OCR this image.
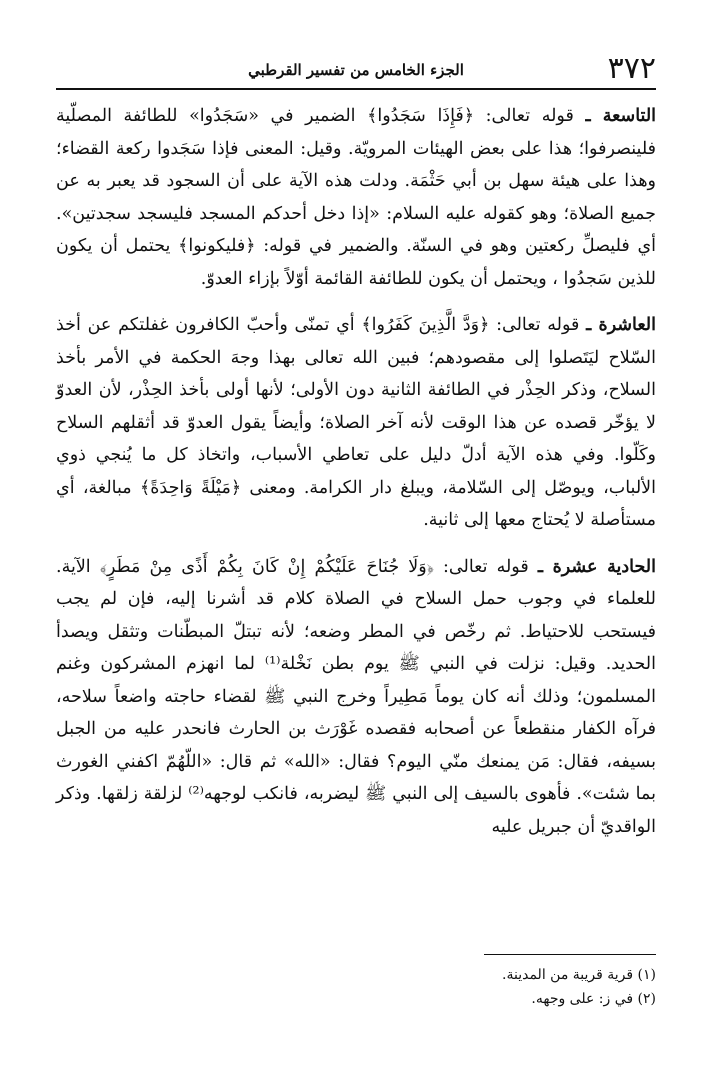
٣٧٢
الجزء الخامس من تفسير القرطبي

التاسعة ـ قوله تعالى: ﴿فَإِذَا سَجَدُوا﴾ الضمير في «سَجَدُوا» للطائفة المصلّية فلينصرفوا؛ هذا على بعض الهيئات المرويّة. وقيل: المعنى فإذا سَجَدوا ركعة القضاء؛ وهذا على هيئة سهل بن أبي حَثْمَة. ودلت هذه الآية على أن السجود قد يعبر به عن جميع الصلاة؛ وهو كقوله عليه السلام: «إذا دخل أحدكم المسجد فليسجد سجدتين». أي فليصلِّ ركعتين وهو في السنّة. والضمير في قوله: ﴿فليكونوا﴾ يحتمل أن يكون للذين سَجدُوا ، ويحتمل أن يكون للطائفة القائمة أوّلاً بإزاء العدوّ.

العاشرة ـ قوله تعالى: ﴿وَدَّ الَّذِينَ كَفَرُوا﴾ أي تمنّى وأحبّ الكافرون غفلتكم عن أخذ السّلاح ليَتَصلوا إلى مقصودهم؛ فبين الله تعالى بهذا وجهَ الحكمة في الأمر بأخذ السلاح، وذكر الحِذْر في الطائفة الثانية دون الأولى؛ لأنها أولى بأخذ الحِذْر، لأن العدوّ لا يؤخّر قصده عن هذا الوقت لأنه آخر الصلاة؛ وأيضاً يقول العدوّ قد أثقلهم السلاح وكَلّوا. وفي هذه الآية أدلّ دليل على تعاطي الأسباب، واتخاذ كل ما يُنجي ذوي الألباب، ويوصّل إلى السّلامة، ويبلغ دار الكرامة. ومعنى ﴿مَيْلَةً وَاحِدَةً﴾ مبالغة، أي مستأصلة لا يُحتاج معها إلى ثانية.

الحادية عشرة ـ قوله تعالى: ﴿وَلَا جُنَاحَ عَلَيْكُمْ إِنْ كَانَ بِكُمْ أَذًى مِنْ مَطَرٍ﴾ الآية. للعلماء في وجوب حمل السلاح في الصلاة كلام قد أشرنا إليه، فإن لم يجب فيستحب للاحتياط. ثم رخّص في المطر وضعه؛ لأنه تبتلّ المبطّنات وتثقل ويصدأ الحديد. وقيل: نزلت في النبي ﷺ يوم بطن نَخْلة⁽¹⁾ لما انهزم المشركون وغنم المسلمون؛ وذلك أنه كان يوماً مَطِيراً وخرج النبي ﷺ لقضاء حاجته واضعاً سلاحه، فرآه الكفار منقطعاً عن أصحابه فقصده غَوْرَث بن الحارث فانحدر عليه من الجبل بسيفه، فقال: مَن يمنعك منّي اليوم؟ فقال: «الله» ثم قال: «اللّهُمّ اكفني الغورث بما شئت». فأهوى بالسيف إلى النبي ﷺ ليضربه، فانكب لوجهه⁽²⁾ لزلقة زلقها. وذكر الواقديّ أن جبريل عليه

(١) قرية قريبة من المدينة.

(٢) في ز: على وجهه.
